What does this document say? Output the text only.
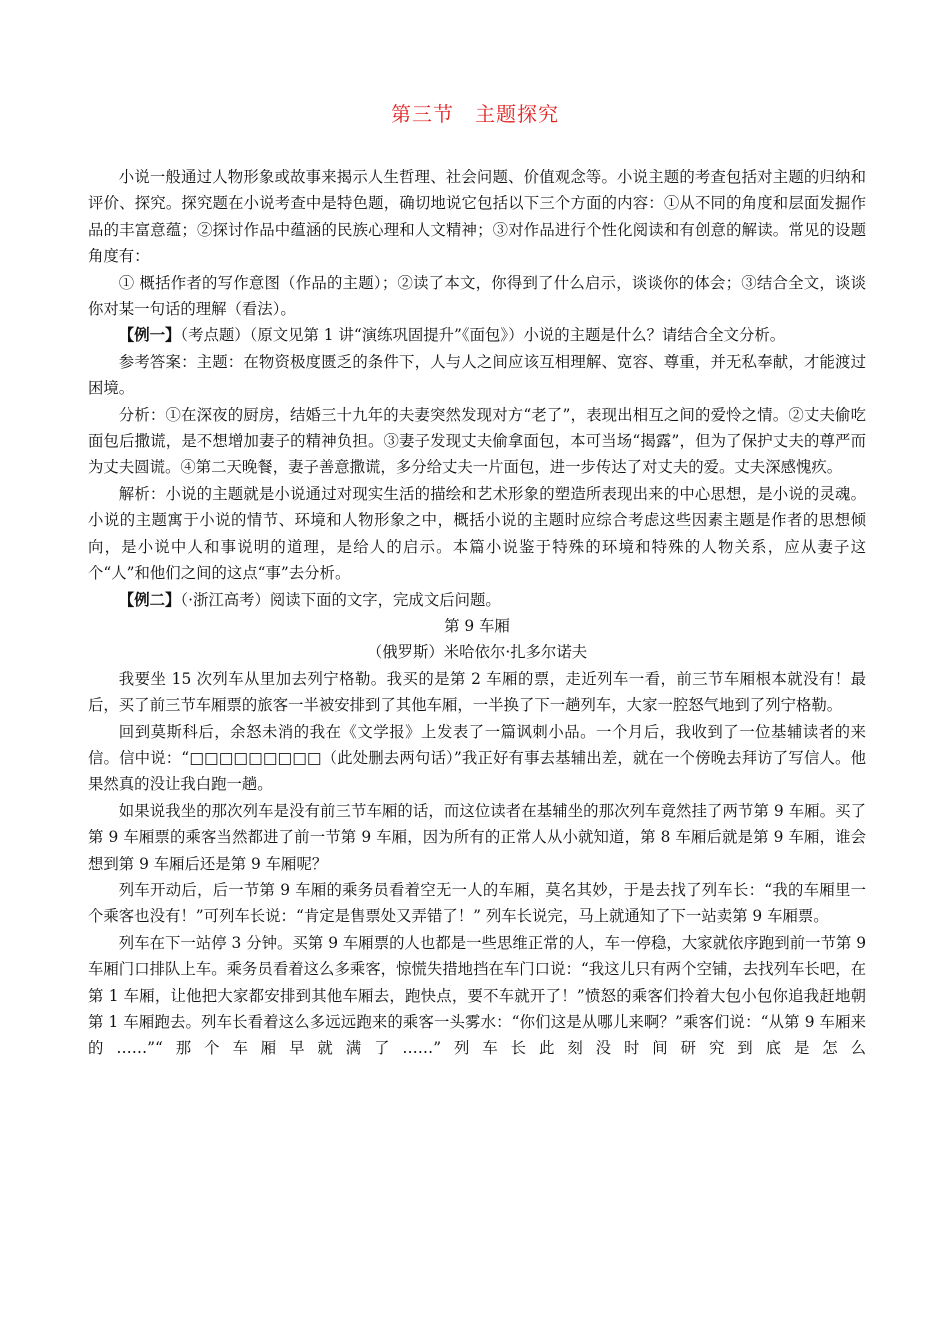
第三节　主题探究

小说一般通过人物形象或故事来揭示人生哲理、社会问题、价值观念等。小说主题的考查包括对主题的归纳和评价、探究。探究题在小说考查中是特色题，确切地说它包括以下三个方面的内容：①从不同的角度和层面发掘作品的丰富意蕴；②探讨作品中蕴涵的民族心理和人文精神；③对作品进行个性化阅读和有创意的解读。常见的设题角度有：

① 概括作者的写作意图（作品的主题）；②读了本文，你得到了什么启示，谈谈你的体会；③结合全文，谈谈你对某一句话的理解（看法）。

【例一】（考点题）（原文见第 1 讲“演练巩固提升”《面包》）小说的主题是什么？请结合全文分析。

参考答案：主题：在物资极度匮乏的条件下，人与人之间应该互相理解、宽容、尊重，并无私奉献，才能渡过困境。

分析：①在深夜的厨房，结婚三十九年的夫妻突然发现对方“老了”，表现出相互之间的爱怜之情。②丈夫偷吃面包后撒谎，是不想增加妻子的精神负担。③妻子发现丈夫偷拿面包，本可当场“揭露”，但为了保护丈夫的尊严而为丈夫圆谎。④第二天晚餐，妻子善意撒谎，多分给丈夫一片面包，进一步传达了对丈夫的爱。丈夫深感愧疚。

解析：小说的主题就是小说通过对现实生活的描绘和艺术形象的塑造所表现出来的中心思想，是小说的灵魂。小说的主题寓于小说的情节、环境和人物形象之中，概括小说的主题时应综合考虑这些因素主题是作者的思想倾向，是小说中人和事说明的道理，是给人的启示。本篇小说鉴于特殊的环境和特殊的人物关系，应从妻子这个“人”和他们之间的这点“事”去分析。

【例二】（·浙江高考）阅读下面的文字，完成文后问题。

第 9 车厢

（俄罗斯）米哈依尔·扎多尔诺夫

我要坐 15 次列车从里加去列宁格勒。我买的是第 2 车厢的票，走近列车一看，前三节车厢根本就没有！最后，买了前三节车厢票的旅客一半被安排到了其他车厢，一半换了下一趟列车，大家一腔怒气地到了列宁格勒。

回到莫斯科后，余怒未消的我在《文学报》上发表了一篇讽刺小品。一个月后，我收到了一位基辅读者的来信。信中说：“□□□□□□□□□（此处删去两句话）”我正好有事去基辅出差，就在一个傍晚去拜访了写信人。他果然真的没让我白跑一趟。

如果说我坐的那次列车是没有前三节车厢的话，而这位读者在基辅坐的那次列车竟然挂了两节第 9 车厢。买了第 9 车厢票的乘客当然都进了前一节第 9 车厢，因为所有的正常人从小就知道，第 8 车厢后就是第 9 车厢，谁会想到第 9 车厢后还是第 9 车厢呢？

列车开动后，后一节第 9 车厢的乘务员看着空无一人的车厢，莫名其妙，于是去找了列车长：“我的车厢里一个乘客也没有！”可列车长说：“肯定是售票处又弄错了！” 列车长说完，马上就通知了下一站卖第 9 车厢票。

列车在下一站停 3 分钟。买第 9 车厢票的人也都是一些思维正常的人，车一停稳，大家就依序跑到前一节第 9 车厢门口排队上车。乘务员看着这么多乘客，惊慌失措地挡在车门口说：“我这儿只有两个空铺，去找列车长吧，在第 1 车厢，让他把大家都安排到其他车厢去，跑快点，要不车就开了！”愤怒的乘客们拎着大包小包你追我赶地朝第 1 车厢跑去。列车长看着这么多远远跑来的乘客一头雾水：“你们这是从哪儿来啊？”乘客们说：“从第 9 车厢来的……”“那个车厢早就满了……”列车长此刻没时间研究到底是怎么
